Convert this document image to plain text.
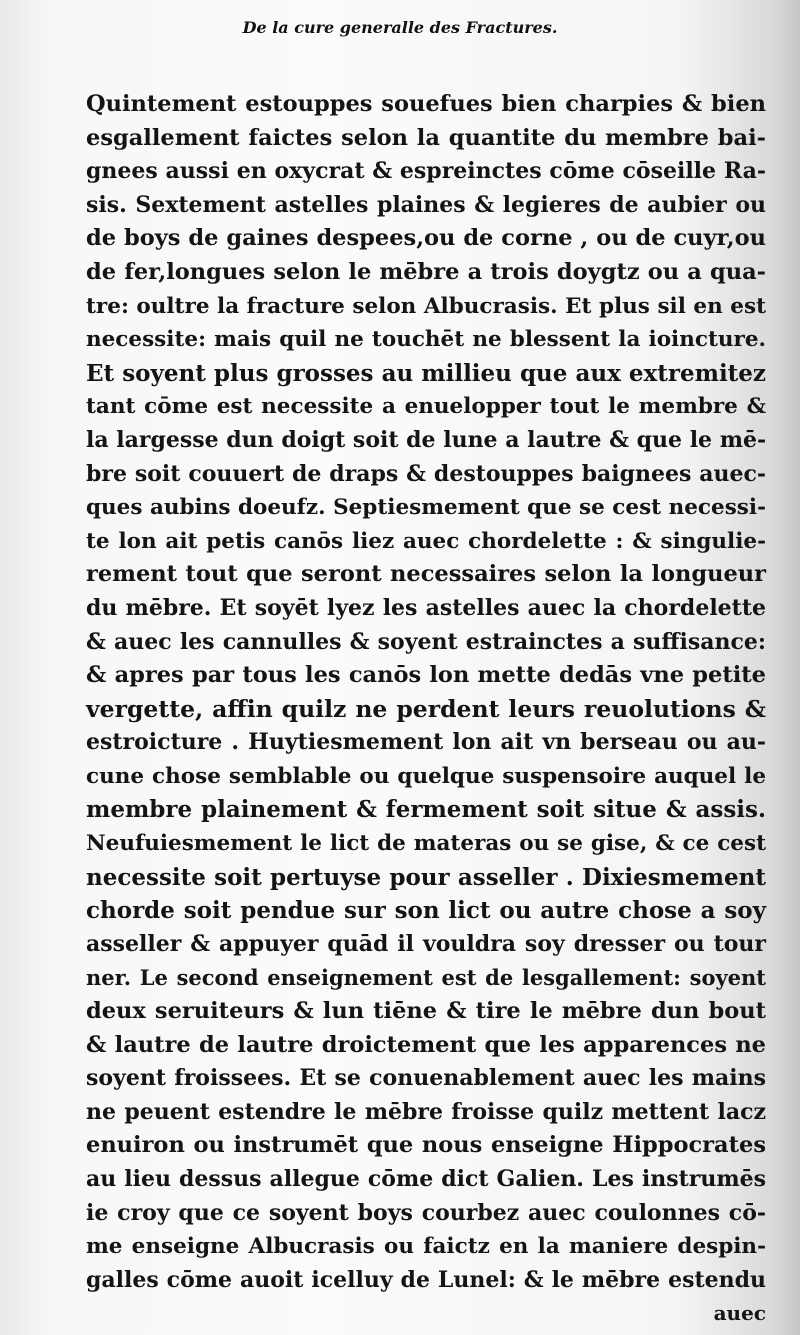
De la cure generalle des Fractures.
Quintement estouppes souefues bien charpies & bien
esgallement faictes selon la quantite du membre bai-
gnees aussi en oxycrat & espreinctes cōme cōseille Ra-
sis. Sextement astelles plaines & legieres de aubier ou
de boys de gaines despees,ou de corne , ou de cuyr,ou
de fer,longues selon le mēbre a trois doygtz ou a qua-
tre: oultre la fracture selon Albucrasis. Et plus sil en est
necessite: mais quil ne touchēt ne blessent la ioincture.
Et soyent plus grosses au millieu que aux extremitez
tant cōme est necessite a enuelopper tout le membre &
la largesse dun doigt soit de lune a lautre & que le mē-
bre soit couuert de draps & destouppes baignees auec-
ques aubins doeufz. Septiesmement que se cest necessi-
te lon ait petis canōs liez auec chordelette : & singulie-
rement tout que seront necessaires selon la longueur
du mēbre. Et soyēt lyez les astelles auec la chordelette
& auec les cannulles & soyent estrainctes a suffisance:
& apres par tous les canōs lon mette dedās vne petite
vergette, affin quilz ne perdent leurs reuolutions &
estroicture . Huytiesmement lon ait vn berseau ou au-
cune chose semblable ou quelque suspensoire auquel le
membre plainement & fermement soit situe & assis.
Neufuiesmement le lict de materas ou se gise, & ce cest
necessite soit pertuyse pour asseller . Dixiesmement
chorde soit pendue sur son lict ou autre chose a soy
asseller & appuyer quād il vouldra soy dresser ou tour
ner. Le second enseignement est de lesgallement: soyent
deux seruiteurs & lun tiēne & tire le mēbre dun bout
& lautre de lautre droictement que les apparences ne
soyent froissees. Et se conuenablement auec les mains
ne peuent estendre le mēbre froisse quilz mettent lacz
enuiron ou instrumēt que nous enseigne Hippocrates
au lieu dessus allegue cōme dict Galien. Les instrumēs
ie croy que ce soyent boys courbez auec coulonnes cō-
me enseigne Albucrasis ou faictz en la maniere despin-
galles cōme auoit icelluy de Lunel: & le mēbre estendu
auec
